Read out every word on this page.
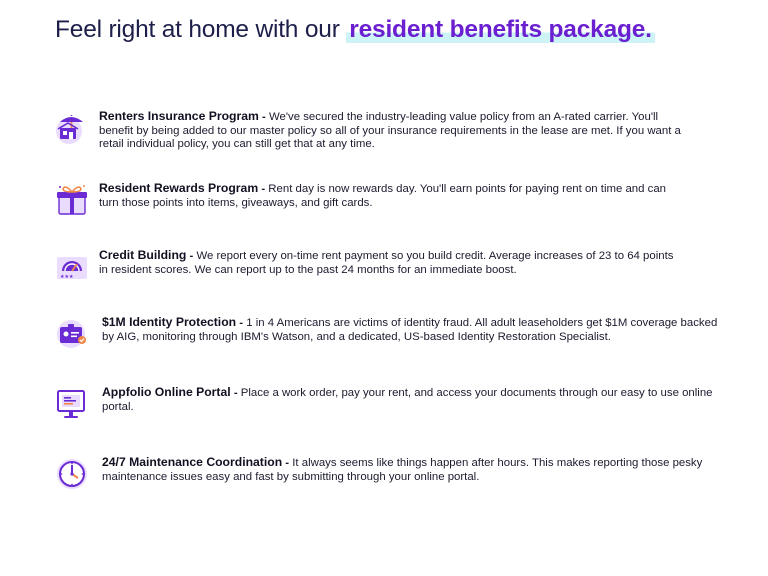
Feel right at home with our resident benefits package.
Renters Insurance Program - We've secured the industry-leading value policy from an A-rated carrier. You'll benefit by being added to our master policy so all of your insurance requirements in the lease are met. If you want a retail individual policy, you can still get that at any time.
Resident Rewards Program - Rent day is now rewards day. You'll earn points for paying rent on time and can turn those points into items, giveaways, and gift cards.
★★★
Credit Building - We report every on-time rent payment so you build credit. Average increases of 23 to 64 points in resident scores. We can report up to the past 24 months for an immediate boost.
$1M Identity Protection - 1 in 4 Americans are victims of identity fraud. All adult leaseholders get $1M coverage backed by AIG, monitoring through IBM's Watson, and a dedicated, US-based Identity Restoration Specialist.
Appfolio Online Portal - Place a work order, pay your rent, and access your documents through our easy to use online portal.
24/7 Maintenance Coordination - It always seems like things happen after hours. This makes reporting those pesky maintenance issues easy and fast by submitting through your online portal.
